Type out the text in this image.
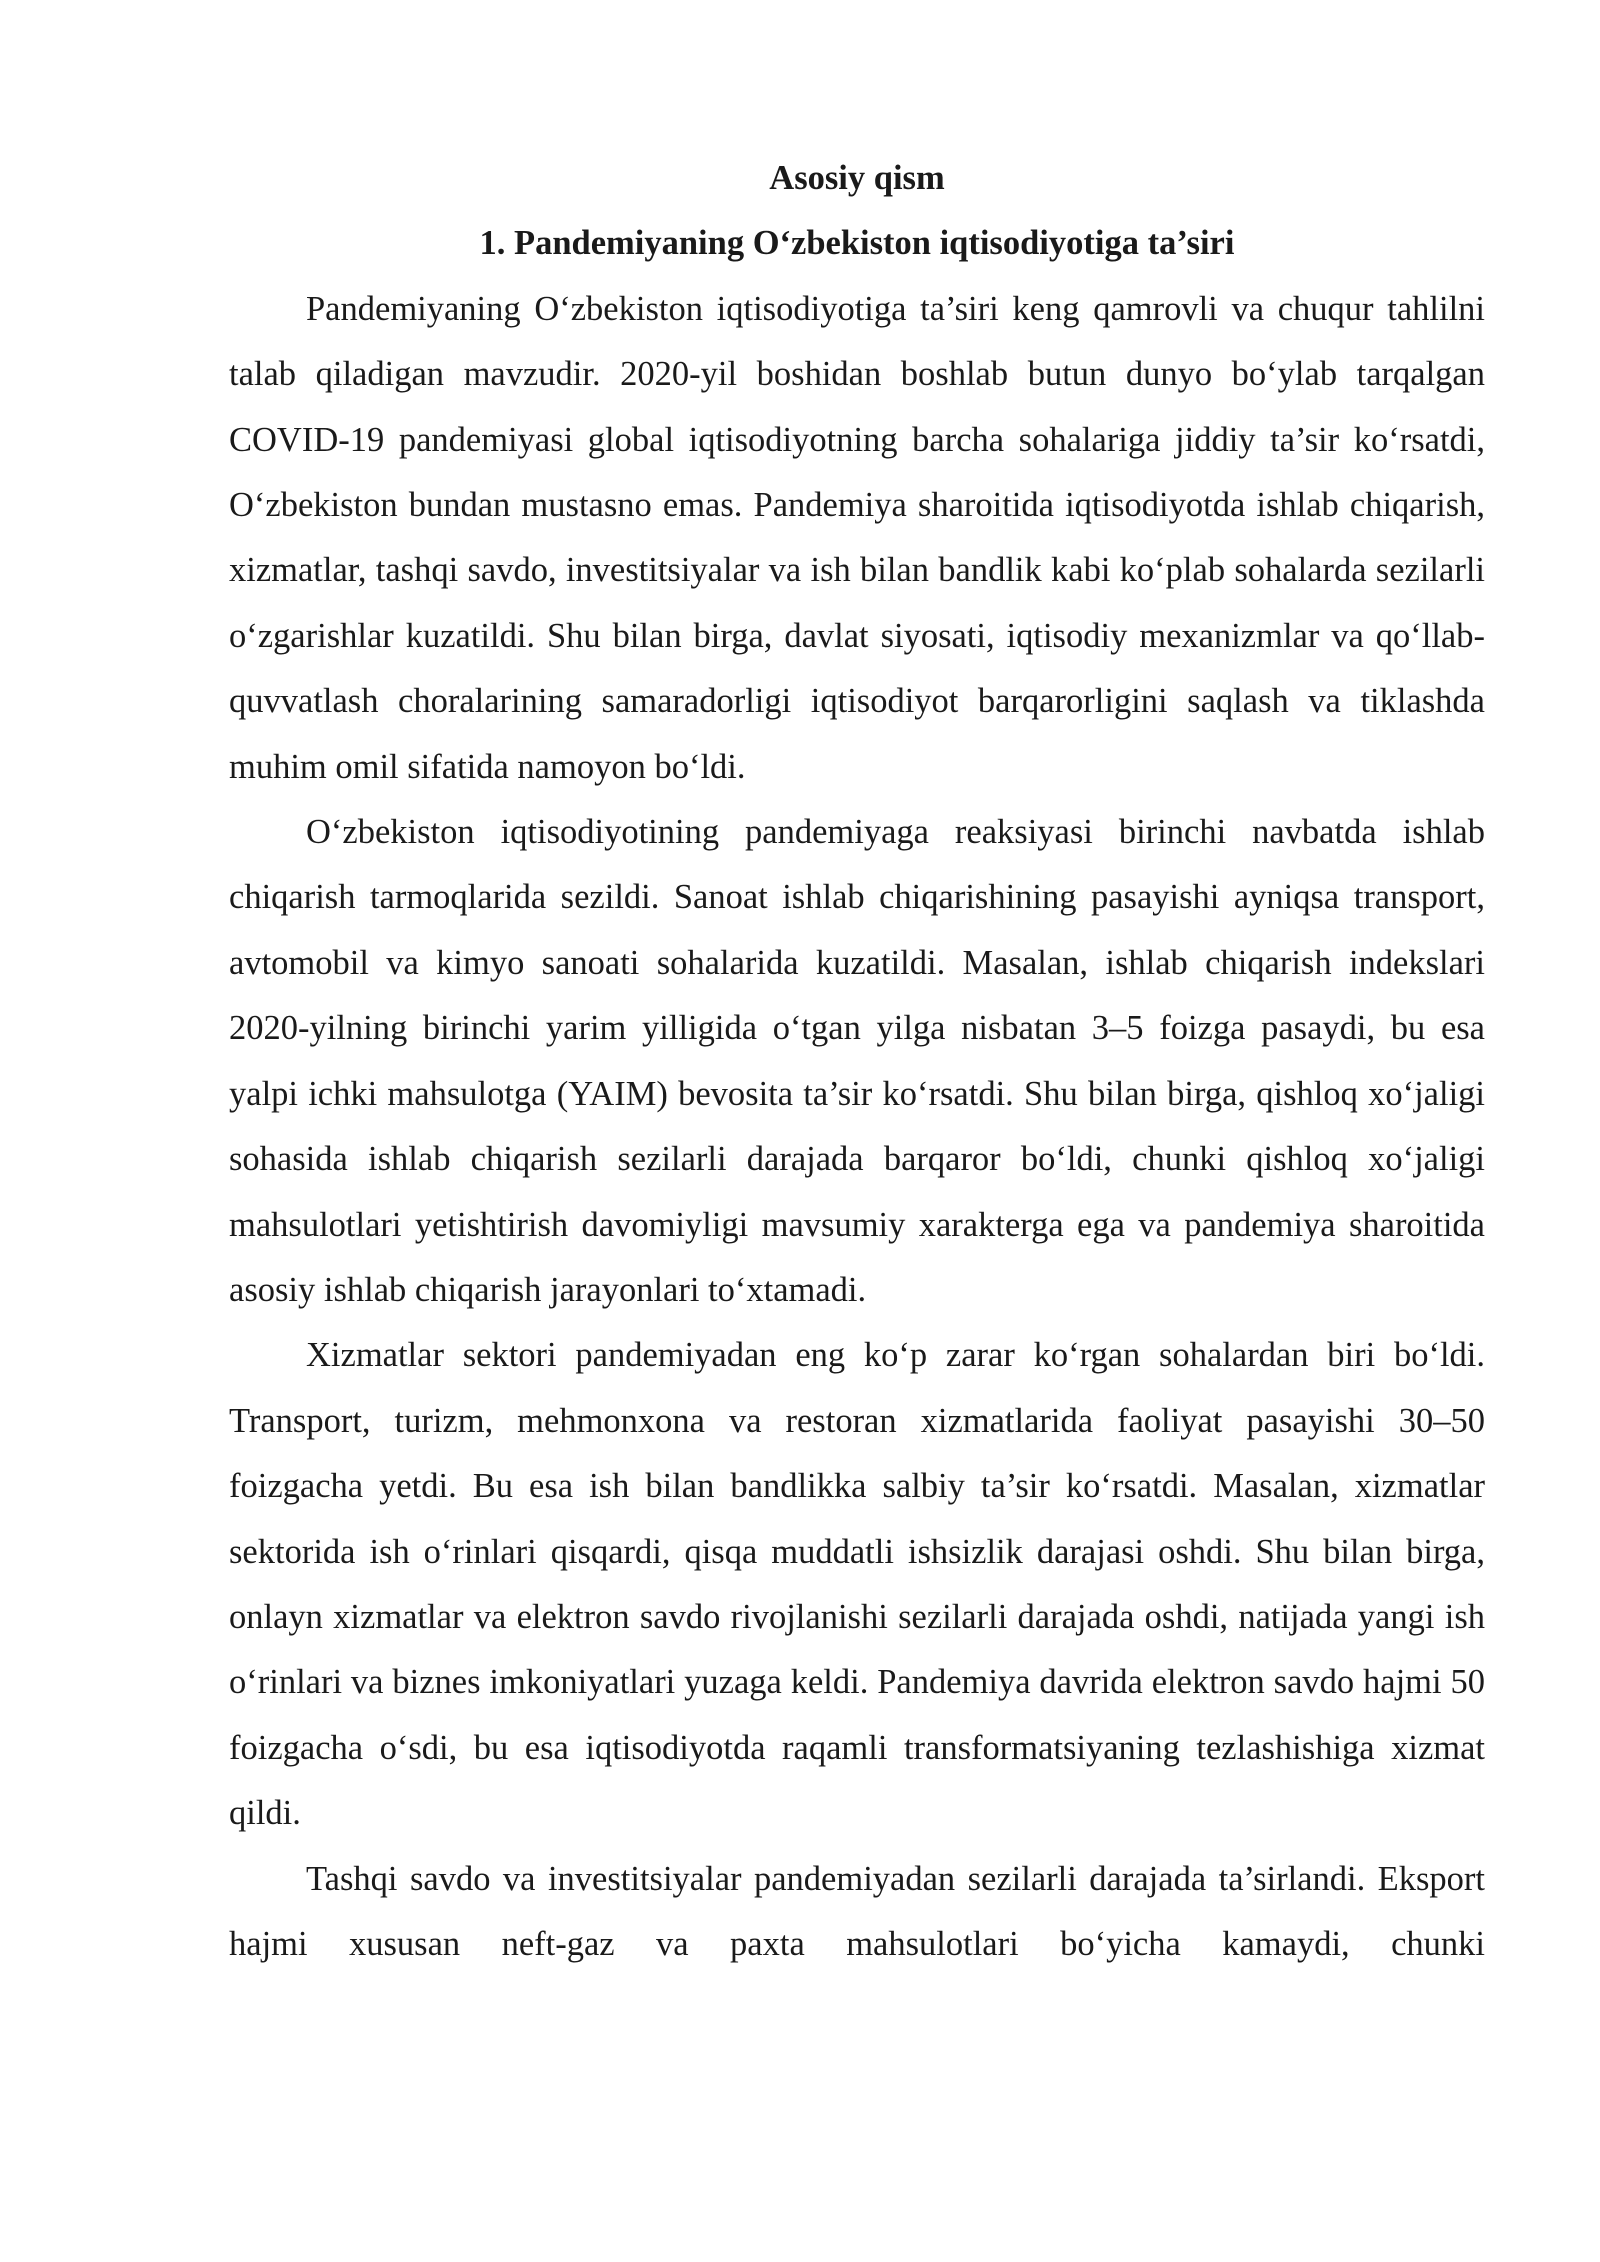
Asosiy qism

1. Pandemiyaning O‘zbekiston iqtisodiyotiga ta’siri

Pandemiyaning O‘zbekiston iqtisodiyotiga ta’siri keng qamrovli va chuqur tahlilni talab qiladigan mavzudir. 2020-yil boshidan boshlab butun dunyo bo‘ylab tarqalgan COVID-19 pandemiyasi global iqtisodiyotning barcha sohalariga jiddiy ta’sir ko‘rsatdi, O‘zbekiston bundan mustasno emas. Pandemiya sharoitida iqtisodiyotda ishlab chiqarish, xizmatlar, tashqi savdo, investitsiyalar va ish bilan bandlik kabi ko‘plab sohalarda sezilarli o‘zgarishlar kuzatildi. Shu bilan birga, davlat siyosati, iqtisodiy mexanizmlar va qo‘llab-quvvatlash choralarining samaradorligi iqtisodiyot barqarorligini saqlash va tiklashda muhim omil sifatida namoyon bo‘ldi.

O‘zbekiston iqtisodiyotining pandemiyaga reaksiyasi birinchi navbatda ishlab chiqarish tarmoqlarida sezildi. Sanoat ishlab chiqarishining pasayishi ayniqsa transport, avtomobil va kimyo sanoati sohalarida kuzatildi. Masalan, ishlab chiqarish indekslari 2020-yilning birinchi yarim yilligida o‘tgan yilga nisbatan 3–5 foizga pasaydi, bu esa yalpi ichki mahsulotga (YAIM) bevosita ta’sir ko‘rsatdi. Shu bilan birga, qishloq xo‘jaligi sohasida ishlab chiqarish sezilarli darajada barqaror bo‘ldi, chunki qishloq xo‘jaligi mahsulotlari yetishtirish davomiyligi mavsumiy xarakterga ega va pandemiya sharoitida asosiy ishlab chiqarish jarayonlari to‘xtamadi.

Xizmatlar sektori pandemiyadan eng ko‘p zarar ko‘rgan sohalardan biri bo‘ldi. Transport, turizm, mehmonxona va restoran xizmatlarida faoliyat pasayishi 30–50 foizgacha yetdi. Bu esa ish bilan bandlikka salbiy ta’sir ko‘rsatdi. Masalan, xizmatlar sektorida ish o‘rinlari qisqardi, qisqa muddatli ishsizlik darajasi oshdi. Shu bilan birga, onlayn xizmatlar va elektron savdo rivojlanishi sezilarli darajada oshdi, natijada yangi ish o‘rinlari va biznes imkoniyatlari yuzaga keldi. Pandemiya davrida elektron savdo hajmi 50 foizgacha o‘sdi, bu esa iqtisodiyotda raqamli transformatsiyaning tezlashishiga xizmat qildi.

Tashqi savdo va investitsiyalar pandemiyadan sezilarli darajada ta’sirlandi. Eksport hajmi xususan neft-gaz va paxta mahsulotlari bo‘yicha kamaydi, chunki
